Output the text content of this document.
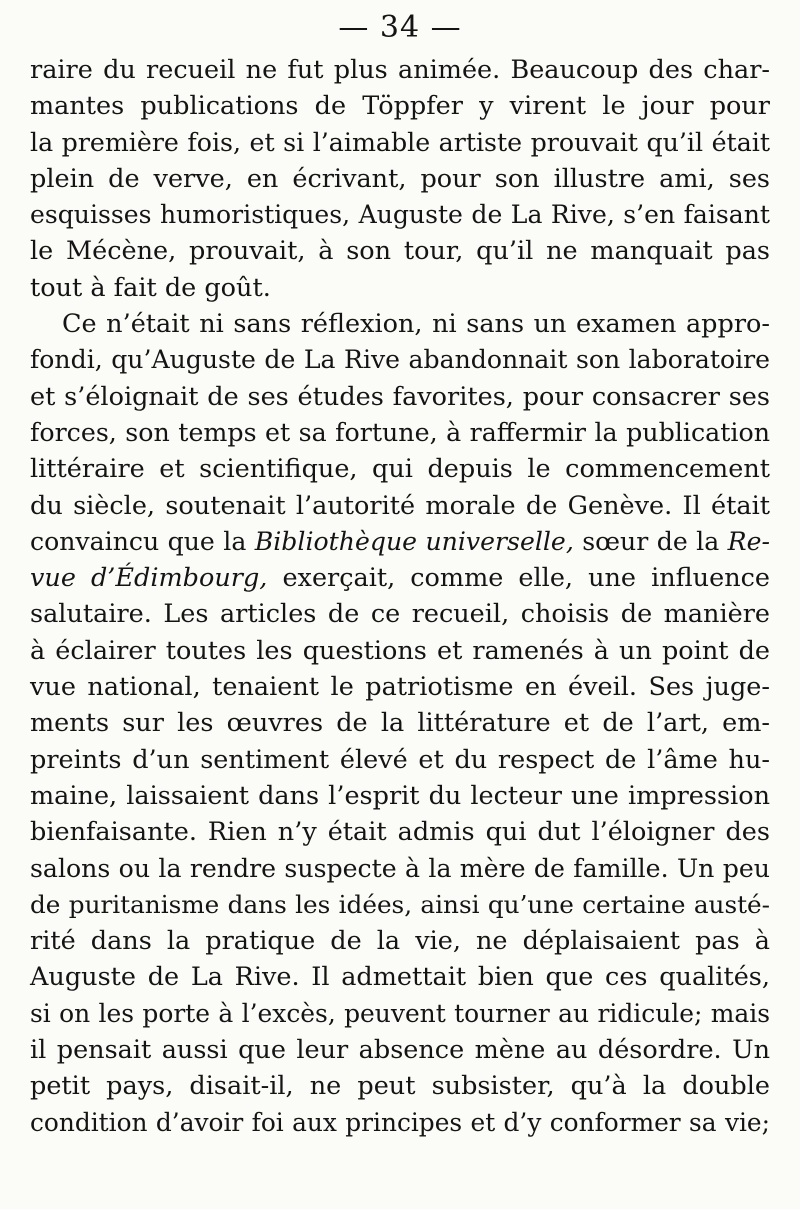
— 34 —
raire du recueil ne fut plus animée. Beaucoup des char-
mantes publications de Töppfer y virent le jour pour
la première fois, et si l’aimable artiste prouvait qu’il était
plein de verve, en écrivant, pour son illustre ami, ses
esquisses humoristiques, Auguste de La Rive, s’en faisant
le Mécène, prouvait, à son tour, qu’il ne manquait pas
tout à fait de goût.
Ce n’était ni sans réflexion, ni sans un examen appro-
fondi, qu’Auguste de La Rive abandonnait son laboratoire
et s’éloignait de ses études favorites, pour consacrer ses
forces, son temps et sa fortune, à raffermir la publication
littéraire et scientifique, qui depuis le commencement
du siècle, soutenait l’autorité morale de Genève. Il était
convaincu que la Bibliothèque universelle, sœur de la Re-
vue d’Édimbourg, exerçait, comme elle, une influence
salutaire. Les articles de ce recueil, choisis de manière
à éclairer toutes les questions et ramenés à un point de
vue national, tenaient le patriotisme en éveil. Ses juge-
ments sur les œuvres de la littérature et de l’art, em-
preints d’un sentiment élevé et du respect de l’âme hu-
maine, laissaient dans l’esprit du lecteur une impression
bienfaisante. Rien n’y était admis qui dut l’éloigner des
salons ou la rendre suspecte à la mère de famille. Un peu
de puritanisme dans les idées, ainsi qu’une certaine austé-
rité dans la pratique de la vie, ne déplaisaient pas à
Auguste de La Rive. Il admettait bien que ces qualités,
si on les porte à l’excès, peuvent tourner au ridicule; mais
il pensait aussi que leur absence mène au désordre. Un
petit pays, disait-il, ne peut subsister, qu’à la double
condition d’avoir foi aux principes et d’y conformer sa vie;
